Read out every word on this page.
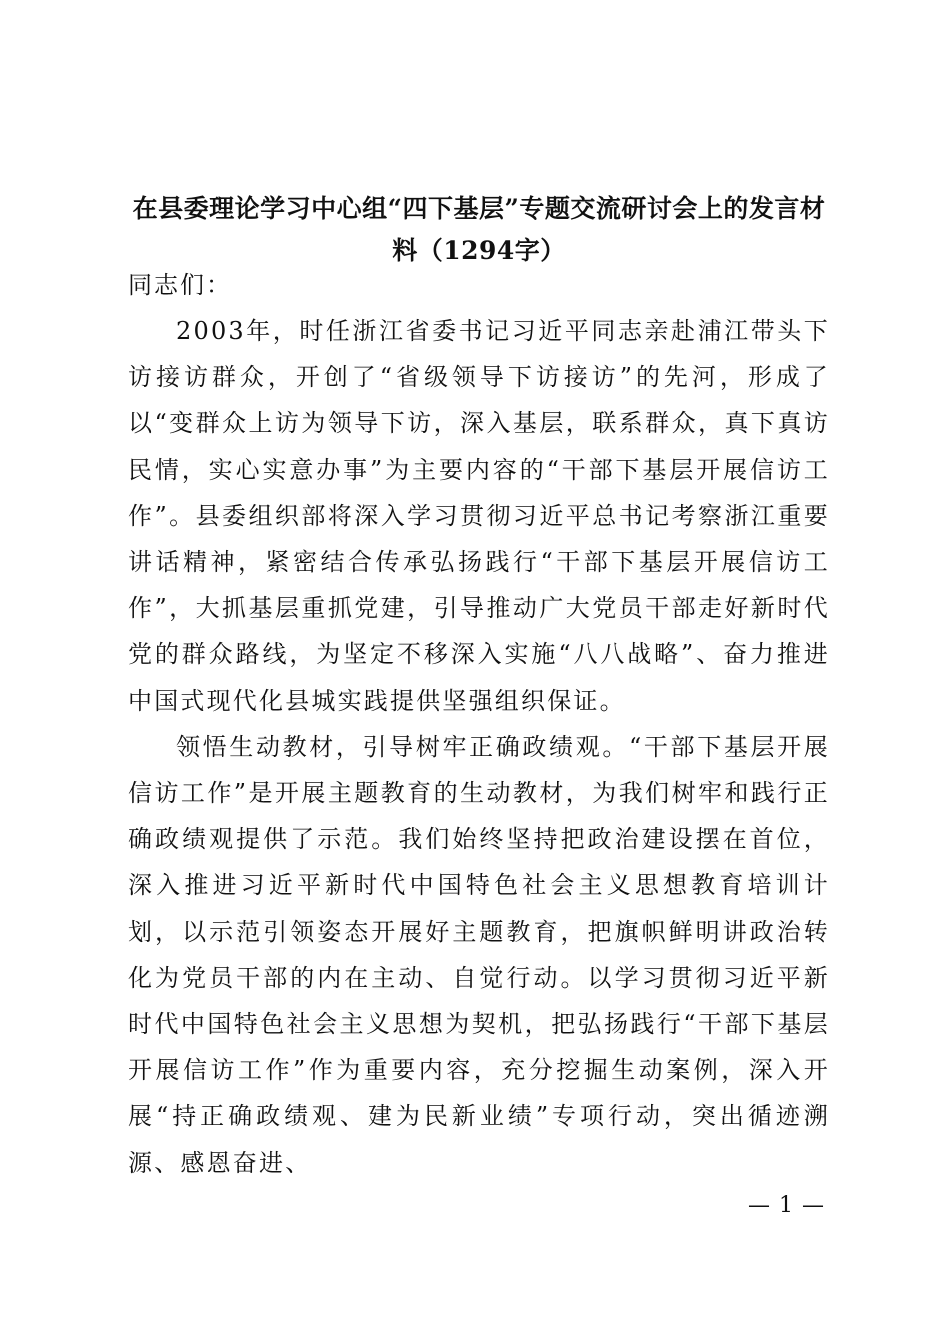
在县委理论学习中心组“四下基层”专题交流研讨会上的发言材料（1294字）

同志们：

2003年，时任浙江省委书记习近平同志亲赴浦江带头下访接访群众，开创了“省级领导下访接访”的先河，形成了以“变群众上访为领导下访，深入基层，联系群众，真下真访民情，实心实意办事”为主要内容的“干部下基层开展信访工作”。县委组织部将深入学习贯彻习近平总书记考察浙江重要讲话精神，紧密结合传承弘扬践行“干部下基层开展信访工作”，大抓基层重抓党建，引导推动广大党员干部走好新时代党的群众路线，为坚定不移深入实施“八八战略”、奋力推进中国式现代化县城实践提供坚强组织保证。

领悟生动教材，引导树牢正确政绩观。“干部下基层开展信访工作”是开展主题教育的生动教材，为我们树牢和践行正确政绩观提供了示范。我们始终坚持把政治建设摆在首位，深入推进习近平新时代中国特色社会主义思想教育培训计划，以示范引领姿态开展好主题教育，把旗帜鲜明讲政治转化为党员干部的内在主动、自觉行动。以学习贯彻习近平新时代中国特色社会主义思想为契机，把弘扬践行“干部下基层开展信访工作”作为重要内容，充分挖掘生动案例，深入开展“持正确政绩观、建为民新业绩”专项行动，突出循迹溯源、感恩奋进、

— 1 —
